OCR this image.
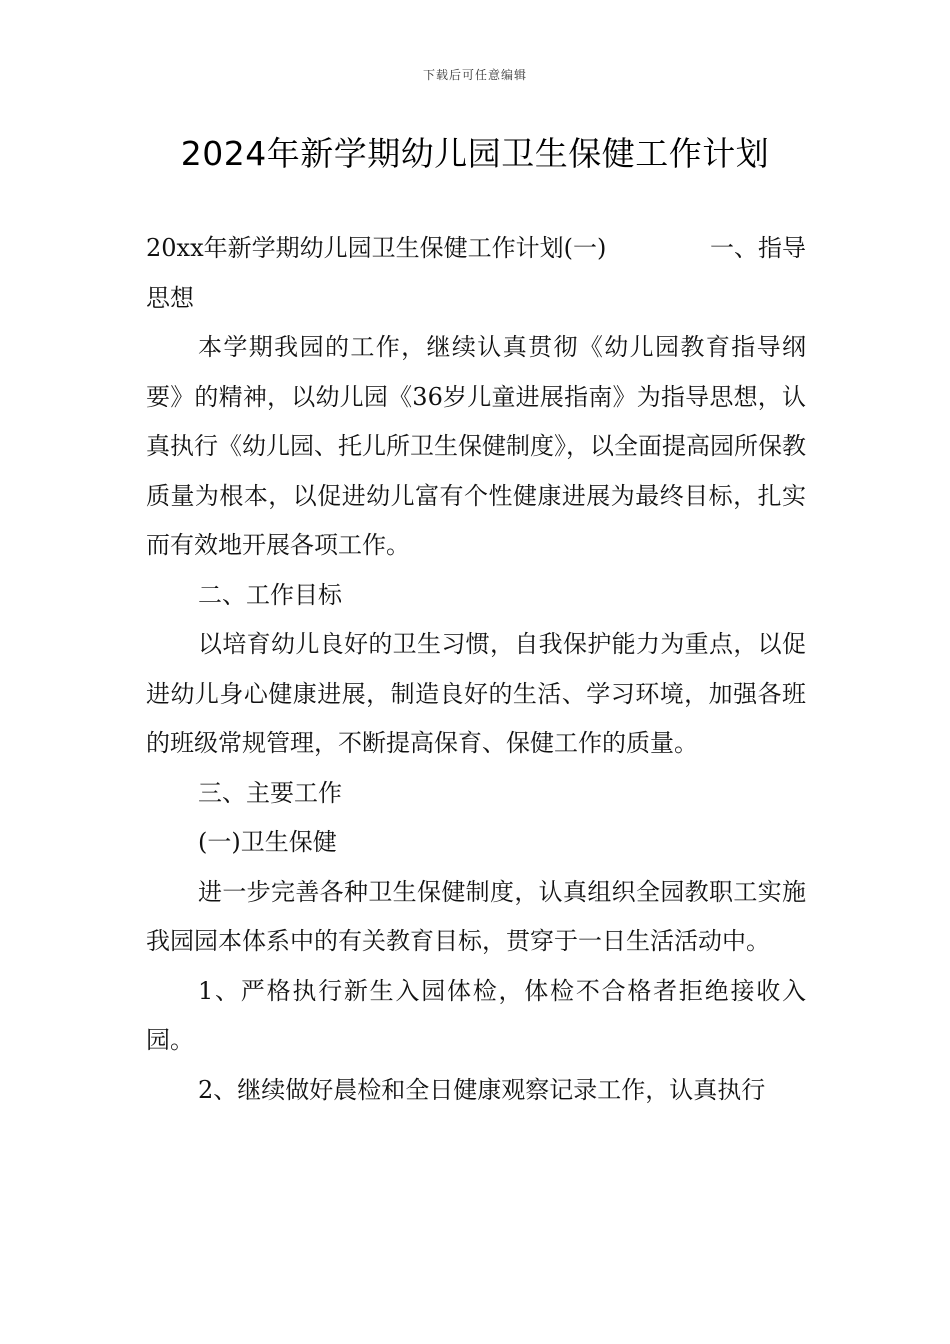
下载后可任意编辑
2024年新学期幼儿园卫生保健工作计划
20xx年新学期幼儿园卫生保健工作计划(一)	一、指导

思想

本学期我园的工作，继续认真贯彻《幼儿园教育指导纲要》的精神，以幼儿园《36岁儿童进展指南》为指导思想，认真执行《幼儿园、托儿所卫生保健制度》，以全面提高园所保教质量为根本，以促进幼儿富有个性健康进展为最终目标，扎实而有效地开展各项工作。

二、工作目标

以培育幼儿良好的卫生习惯，自我保护能力为重点，以促进幼儿身心健康进展，制造良好的生活、学习环境，加强各班的班级常规管理，不断提高保育、保健工作的质量。

三、主要工作

(一)卫生保健

进一步完善各种卫生保健制度，认真组织全园教职工实施我园园本体系中的有关教育目标，贯穿于一日生活活动中。

1、严格执行新生入园体检，体检不合格者拒绝接收入园。

2、继续做好晨检和全日健康观察记录工作，认真执行
